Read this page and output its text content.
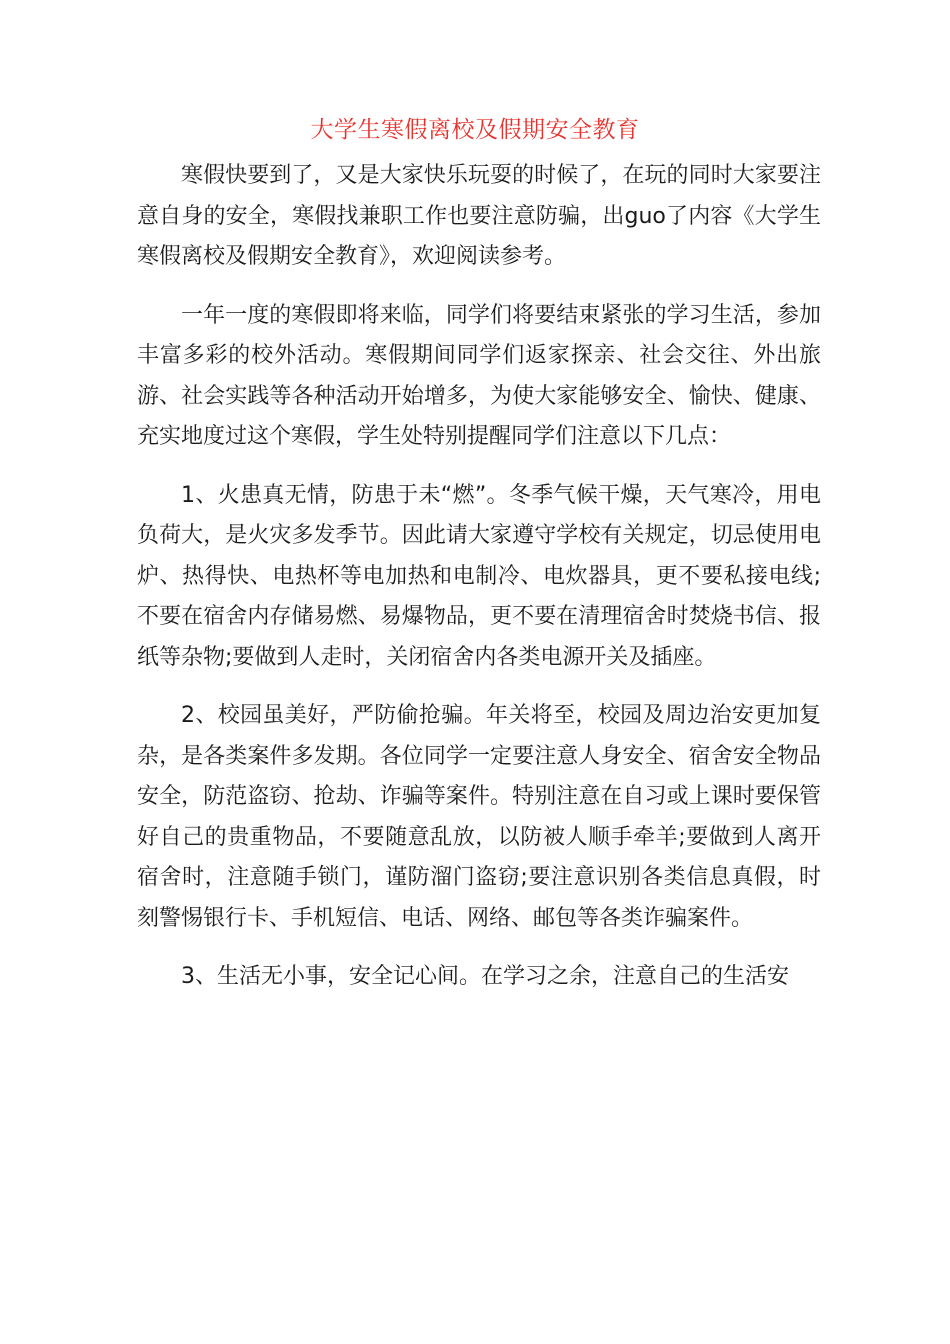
大学生寒假离校及假期安全教育

寒假快要到了，又是大家快乐玩耍的时候了，在玩的同时大家要注意自身的安全，寒假找兼职工作也要注意防骗，出guo了内容《大学生寒假离校及假期安全教育》，欢迎阅读参考。

一年一度的寒假即将来临，同学们将要结束紧张的学习生活，参加丰富多彩的校外活动。寒假期间同学们返家探亲、社会交往、外出旅游、社会实践等各种活动开始增多，为使大家能够安全、愉快、健康、充实地度过这个寒假，学生处特别提醒同学们注意以下几点：

1、火患真无情，防患于未“燃”。冬季气候干燥，天气寒冷，用电负荷大，是火灾多发季节。因此请大家遵守学校有关规定，切忌使用电炉、热得快、电热杯等电加热和电制冷、电炊器具，更不要私接电线;不要在宿舍内存储易燃、易爆物品，更不要在清理宿舍时焚烧书信、报纸等杂物;要做到人走时，关闭宿舍内各类电源开关及插座。

2、校园虽美好，严防偷抢骗。年关将至，校园及周边治安更加复杂，是各类案件多发期。各位同学一定要注意人身安全、宿舍安全物品安全，防范盗窃、抢劫、诈骗等案件。特别注意在自习或上课时要保管好自己的贵重物品，不要随意乱放，以防被人顺手牵羊;要做到人离开宿舍时，注意随手锁门，谨防溜门盗窃;要注意识别各类信息真假，时刻警惕银行卡、手机短信、电话、网络、邮包等各类诈骗案件。

3、生活无小事，安全记心间。在学习之余，注意自己的生活安
